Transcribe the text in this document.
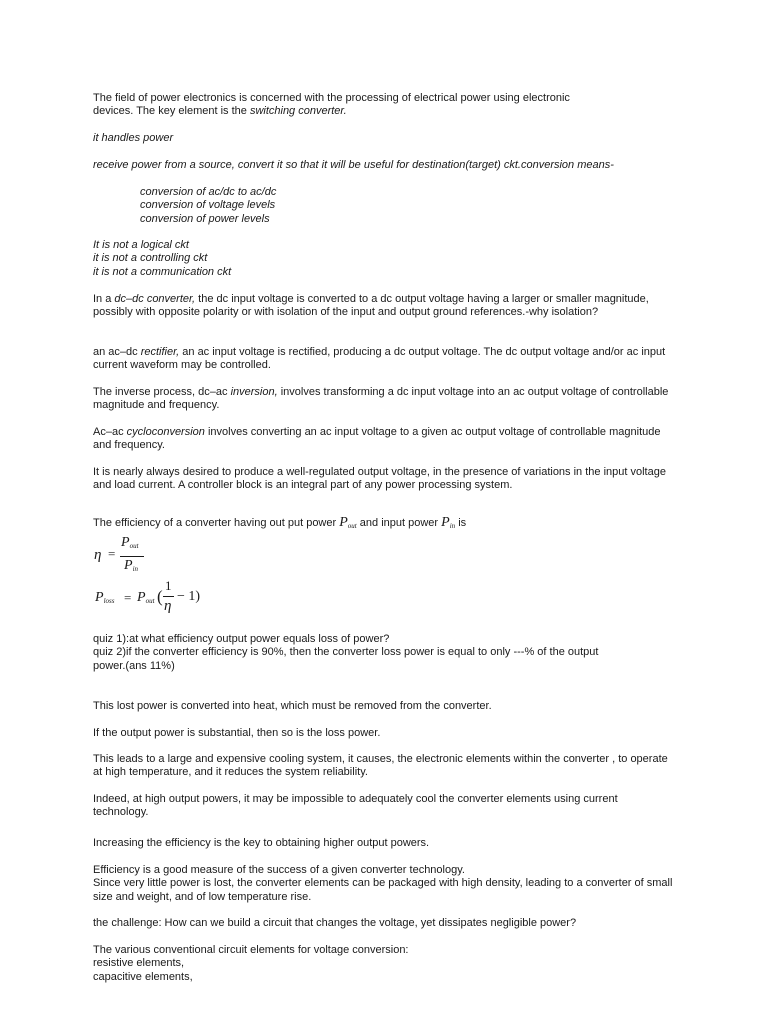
The field of power electronics is concerned with the processing of electrical power using electronic
devices. The key element is the switching converter.

it handles power

receive power from a source, convert it so that it will be useful for destination(target) ckt.conversion means-

conversion of ac/dc to ac/dc
conversion of voltage levels
conversion of power levels

It is not a logical ckt
it is not a controlling ckt
it is not a communication ckt

In a dc–dc converter, the dc input voltage is converted to a dc output voltage having a larger or smaller magnitude, possibly with opposite polarity or with isolation of the input and output ground references.-why isolation?

an ac–dc rectifier, an ac input voltage is rectified, producing a dc output voltage. The dc output voltage and/or ac input current waveform may be controlled.

The inverse process, dc–ac inversion, involves transforming a dc input voltage into an ac output voltage of controllable magnitude and frequency.

Ac–ac cycloconversion involves converting an ac input voltage to a given ac output voltage of controllable magnitude and frequency.

It is nearly always desired to produce a well-regulated output voltage, in the presence of variations in the input voltage and load current. A controller block is an integral part of any power processing system.

The efficiency of a converter having out put power $P_{out}$ and input power $P_{in}$ is

η =
$P_{out}$
$P_{in}$
$P_{loss} = P_{out}$ (
1
η
− 1)

quiz 1):at what efficiency output power equals loss of power?
quiz 2)if the converter efficiency is 90%, then the converter loss power is equal to only ---% of the output power.(ans 11%)

This lost power is converted into heat, which must be removed from the converter.

If the output power is substantial, then so is the loss power.

This leads to a large and expensive cooling system, it causes, the electronic elements within the converter , to operate at high temperature, and it reduces the system reliability.

Indeed, at high output powers, it may be impossible to adequately cool the converter elements using current technology.

Increasing the efficiency is the key to obtaining higher output powers.

Efficiency is a good measure of the success of a given converter technology.
Since very little power is lost, the converter elements can be packaged with high density, leading to a converter of small size and weight, and of low temperature rise.

the challenge: How can we build a circuit that changes the voltage, yet dissipates negligible power?

The various conventional circuit elements for voltage conversion:
resistive elements,
capacitive elements,
